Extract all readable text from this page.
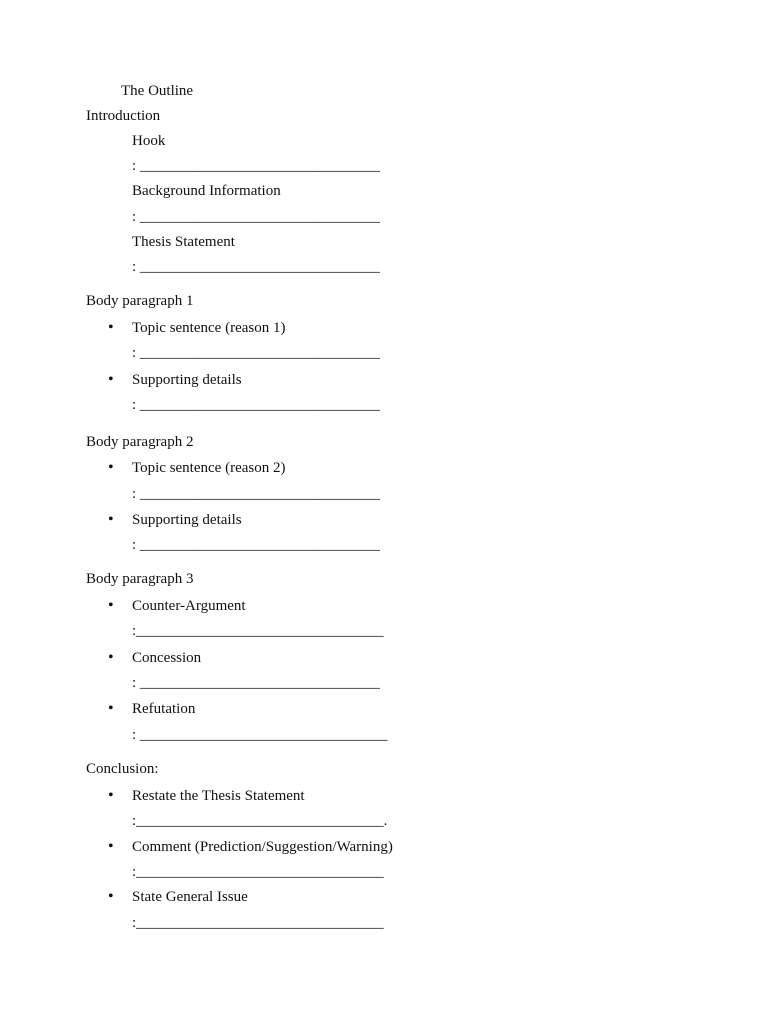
The Outline
Introduction
Hook
: ________________________________
Background Information
: ________________________________
Thesis Statement
: ________________________________
Body paragraph 1
• Topic sentence (reason 1)
: ________________________________
• Supporting details
: ________________________________
Body paragraph 2
• Topic sentence (reason 2)
: ________________________________
• Supporting details
: ________________________________
Body paragraph 3
• Counter-Argument
:_________________________________
• Concession
: ________________________________
• Refutation
: _________________________________
Conclusion:
• Restate the Thesis Statement
:_________________________________.
• Comment (Prediction/Suggestion/Warning)
:_________________________________
• State General Issue
:_________________________________
